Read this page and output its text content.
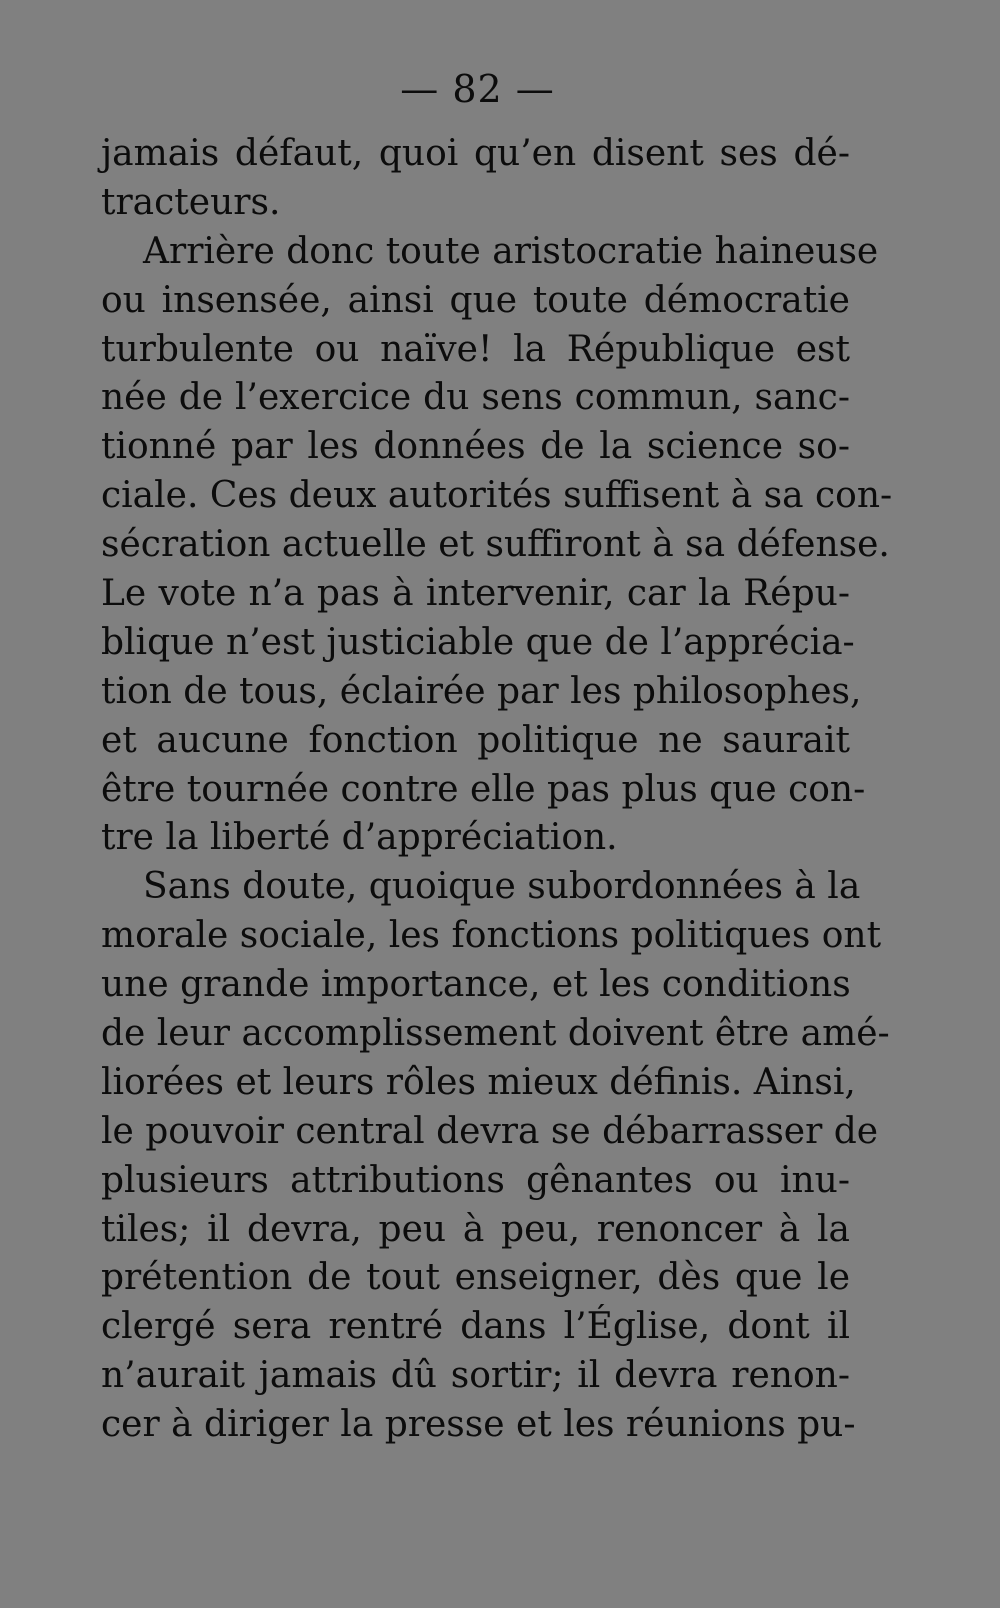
— 82 —
jamais défaut, quoi qu’en disent ses dé-
tracteurs.
Arrière donc toute aristocratie haineuse
ou insensée, ainsi que toute démocratie
turbulente ou naïve! la République est
née de l’exercice du sens commun, sanc-
tionné par les données de la science so-
ciale. Ces deux autorités suffisent à sa con-
sécration actuelle et suffiront à sa défense.
Le vote n’a pas à intervenir, car la Répu-
blique n’est justiciable que de l’apprécia-
tion de tous, éclairée par les philosophes,
et aucune fonction politique ne saurait
être tournée contre elle pas plus que con-
tre la liberté d’appréciation.
Sans doute, quoique subordonnées à la
morale sociale, les fonctions politiques ont
une grande importance, et les conditions
de leur accomplissement doivent être amé-
liorées et leurs rôles mieux définis. Ainsi,
le pouvoir central devra se débarrasser de
plusieurs attributions gênantes ou inu-
tiles; il devra, peu à peu, renoncer à la
prétention de tout enseigner, dès que le
clergé sera rentré dans l’Église, dont il
n’aurait jamais dû sortir; il devra renon-
cer à diriger la presse et les réunions pu-
